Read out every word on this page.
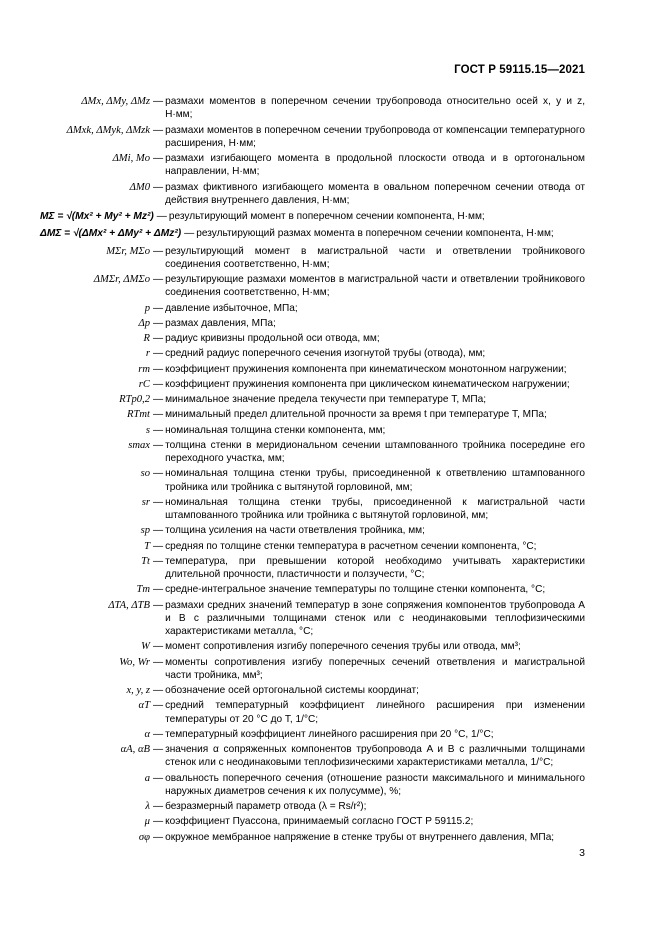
ГОСТ Р 59115.15—2021
ΔMx, ΔMy, ΔMz — размахи моментов в поперечном сечении трубопровода относительно осей x, y и z, Н·мм;
ΔMxk, ΔMyk, ΔMzk — размахи моментов в поперечном сечении трубопровода от компенсации температурного расширения, Н·мм;
ΔMi, Mo — размахи изгибающего момента в продольной плоскости отвода и в ортогональном направлении, Н·мм;
ΔM0 — размах фиктивного изгибающего момента в овальном поперечном сечении отвода от действия внутреннего давления, Н·мм;
MΣ = √(Mx² + My² + Mz²) — результирующий момент в поперечном сечении компонента, Н·мм;
ΔMΣ = √(ΔMx² + ΔMy² + ΔMz²) — результирующий размах момента в поперечном сечении компонента, Н·мм;
MΣr, MΣo — результирующий момент в магистральной части и ответвлении тройникового соединения соответственно, Н·мм;
ΔMΣr, ΔMΣo — результирующие размахи моментов в магистральной части и ответвлении тройникового соединения соответственно, Н·мм;
p — давление избыточное, МПа;
Δp — размах давления, МПа;
R — радиус кривизны продольной оси отвода, мм;
r — средний радиус поперечного сечения изогнутой трубы (отвода), мм;
rm — коэффициент пружинения компонента при кинематическом монотонном нагружении;
rC — коэффициент пружинения компонента при циклическом кинематическом нагружении;
RTp0,2 — минимальное значение предела текучести при температуре T, МПа;
RTmt — минимальный предел длительной прочности за время t при температуре T, МПа;
s — номинальная толщина стенки компонента, мм;
smax — толщина стенки в меридиональном сечении штампованного тройника посередине его переходного участка, мм;
so — номинальная толщина стенки трубы, присоединенной к ответвлению штампованного тройника или тройника с вытянутой горловиной, мм;
sr — номинальная толщина стенки трубы, присоединенной к магистральной части штампованного тройника или тройника с вытянутой горловиной, мм;
sp — толщина усиления на части ответвления тройника, мм;
T — средняя по толщине стенки температура в расчетном сечении компонента, °С;
Tt — температура, при превышении которой необходимо учитывать характеристики длительной прочности, пластичности и ползучести, °С;
Tm — средне-интегральное значение температуры по толщине стенки компонента, °С;
ΔTA, ΔTB — размахи средних значений температур в зоне сопряжения компонентов трубопровода A и B с различными толщинами стенок или с неодинаковыми теплофизическими характеристиками металла, °С;
W — момент сопротивления изгибу поперечного сечения трубы или отвода, мм³;
Wo, Wr — моменты сопротивления изгибу поперечных сечений ответвления и магистральной части тройника, мм³;
x, y, z — обозначение осей ортогональной системы координат;
αT — средний температурный коэффициент линейного расширения при изменении температуры от 20 °С до T, 1/°С;
α — температурный коэффициент линейного расширения при 20 °С, 1/°С;
αA, αB — значения α сопряженных компонентов трубопровода A и B с различными толщинами стенок или с неодинаковыми теплофизическими характеристиками металла, 1/°С;
a — овальность поперечного сечения (отношение разности максимального и минимального наружных диаметров сечения к их полусумме), %;
λ — безразмерный параметр отвода (λ = Rs/r²);
μ — коэффициент Пуассона, принимаемый согласно ГОСТ Р 59115.2;
σφ — окружное мембранное напряжение в стенке трубы от внутреннего давления, МПа;
3
